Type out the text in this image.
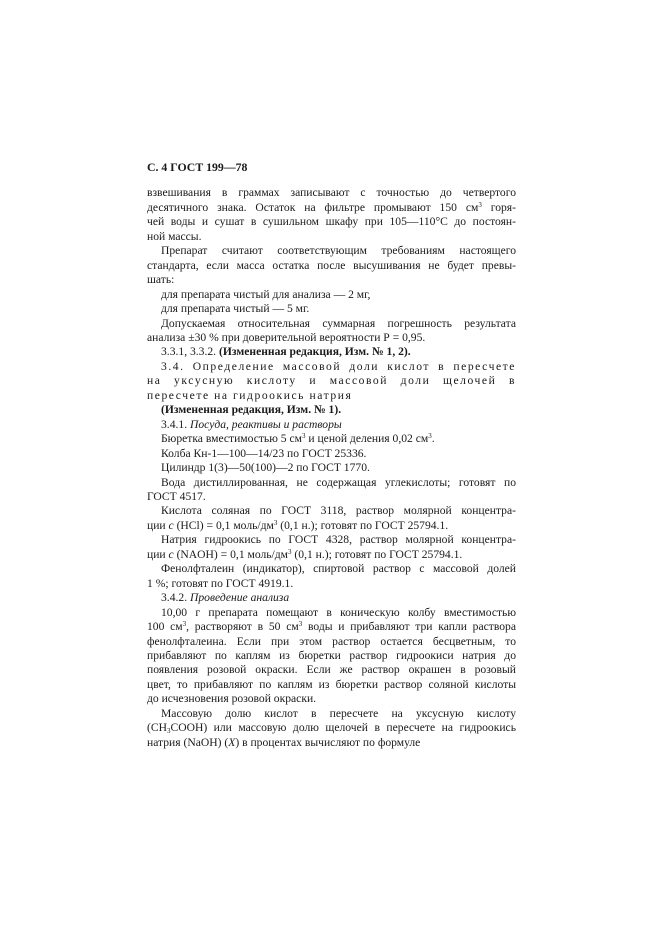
С. 4 ГОСТ 199—78

взвешивания в граммах записывают с точностью до четвертого
десятичного знака. Остаток на фильтре промывают 150 $см^3$ горя-
чей воды и сушат в сушильном шкафу при 105—110°С до постоян-
ной массы.

Препарат считают соответствующим требованиям настоящего
стандарта, если масса остатка после высушивания не будет превы-
шать:

для препарата чистый для анализа — 2 мг,

для препарата чистый — 5 мг.

Допускаемая относительная суммарная погрешность результата
анализа ±30 % при доверительной вероятности Р = 0,95.

3.3.1, 3.3.2. (Измененная редакция, Изм. № 1, 2).

3.4. Определение массовой доли кислот в пересчете
на уксусную кислоту и массовой доли щелочей в
пересчете на гидроокись натрия

(Измененная редакция, Изм. № 1).

3.4.1. Посуда, реактивы и растворы

Бюретка вместимостью 5 $см^3$ и ценой деления 0,02 $см^3$.

Колба Кн-1—100—14/23 по ГОСТ 25336.

Цилиндр 1(3)—50(100)—2 по ГОСТ 1770.

Вода дистиллированная, не содержащая углекислоты; готовят по
ГОСТ 4517.

Кислота соляная по ГОСТ 3118, раствор молярной концентра-
ции c (HCl) = 0,1 моль/$дм^3$ (0,1 н.); готовят по ГОСТ 25794.1.

Натрия гидроокись по ГОСТ 4328, раствор молярной концентра-
ции c (NAOH) = 0,1 моль/$дм^3$ (0,1 н.); готовят по ГОСТ 25794.1.

Фенолфталеин (индикатор), спиртовой раствор с массовой долей
1 %; готовят по ГОСТ 4919.1.

3.4.2. Проведение анализа

10,00 г препарата помещают в коническую колбу вместимостью
100 $см^3$, растворяют в 50 $см^3$ воды и прибавляют три капли раствора
фенолфталеина. Если при этом раствор остается бесцветным, то
прибавляют по каплям из бюретки раствор гидроокиси натрия до
появления розовой окраски. Если же раствор окрашен в розовый
цвет, то прибавляют по каплям из бюретки раствор соляной кислоты
до исчезновения розовой окраски.

Массовую долю кислот в пересчете на уксусную кислоту
$(СН_3СООН)$ или массовую долю щелочей в пересчете на гидроокись
натрия (NaOH) (X) в процентах вычисляют по формуле
